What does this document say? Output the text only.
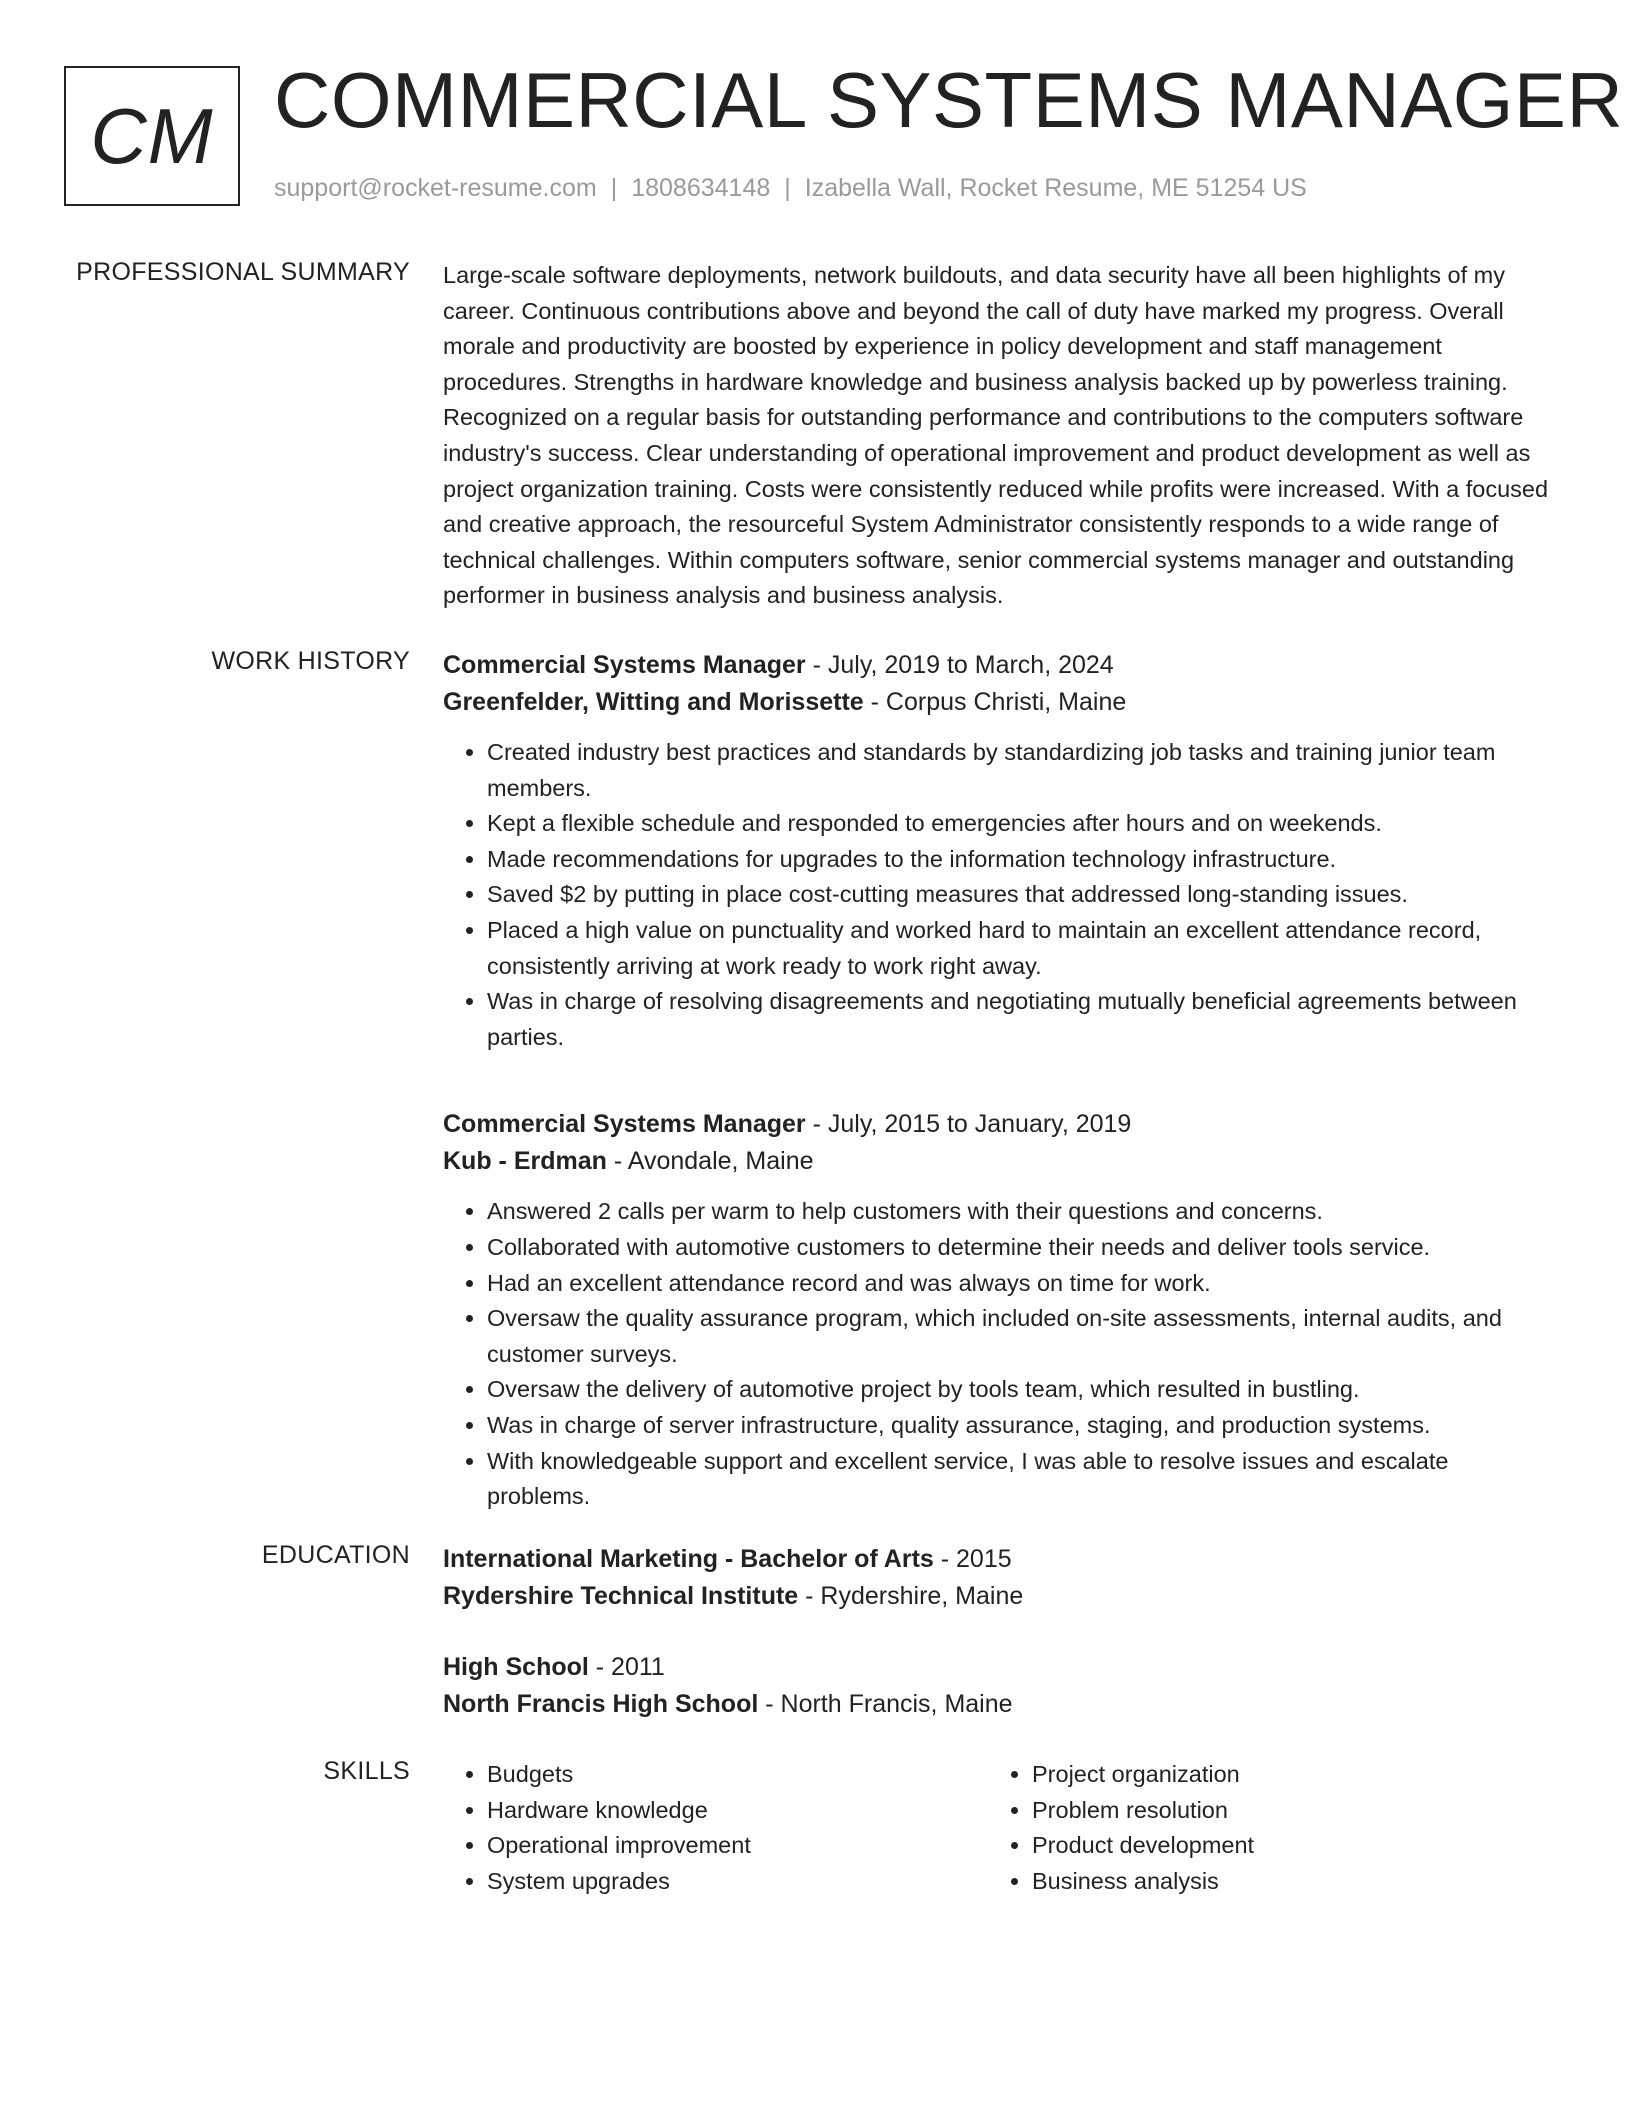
CM COMMERCIAL SYSTEMS MANAGER
support@rocket-resume.com | 1808634148 | Izabella Wall, Rocket Resume, ME 51254 US
PROFESSIONAL SUMMARY Large-scale software deployments, network buildouts, and data security have all been highlights of my career. Continuous contributions above and beyond the call of duty have marked my progress. Overall morale and productivity are boosted by experience in policy development and staff management procedures. Strengths in hardware knowledge and business analysis backed up by powerless training. Recognized on a regular basis for outstanding performance and contributions to the computers software industry's success. Clear understanding of operational improvement and product development as well as project organization training. Costs were consistently reduced while profits were increased. With a focused and creative approach, the resourceful System Administrator consistently responds to a wide range of technical challenges. Within computers software, senior commercial systems manager and outstanding performer in business analysis and business analysis.

WORK HISTORY Commercial Systems Manager - July, 2019 to March, 2024

Greenfelder, Witting and Morissette - Corpus Christi, Maine

• Created industry best practices and standards by standardizing job tasks and training junior team members.
• Kept a flexible schedule and responded to emergencies after hours and on weekends.
• Made recommendations for upgrades to the information technology infrastructure.
• Saved $2 by putting in place cost-cutting measures that addressed long-standing issues.
• Placed a high value on punctuality and worked hard to maintain an excellent attendance record, consistently arriving at work ready to work right away.
• Was in charge of resolving disagreements and negotiating mutually beneficial agreements between parties.

Commercial Systems Manager - July, 2015 to January, 2019

Kub - Erdman - Avondale, Maine

• Answered 2 calls per warm to help customers with their questions and concerns.
• Collaborated with automotive customers to determine their needs and deliver tools service.
• Had an excellent attendance record and was always on time for work.
• Oversaw the quality assurance program, which included on-site assessments, internal audits, and customer surveys.
• Oversaw the delivery of automotive project by tools team, which resulted in bustling.
• Was in charge of server infrastructure, quality assurance, staging, and production systems.
• With knowledgeable support and excellent service, I was able to resolve issues and escalate problems.
EDUCATION International Marketing - Bachelor of Arts - 2015

Rydershire Technical Institute - Rydershire, Maine

High School - 2011

North Francis High School - North Francis, Maine

SKILLS
•	Budgets
• Hardware knowledge
• Operational improvement
• System upgrades
• Project organization
• Problem resolution
• Product development
• Business analysis
